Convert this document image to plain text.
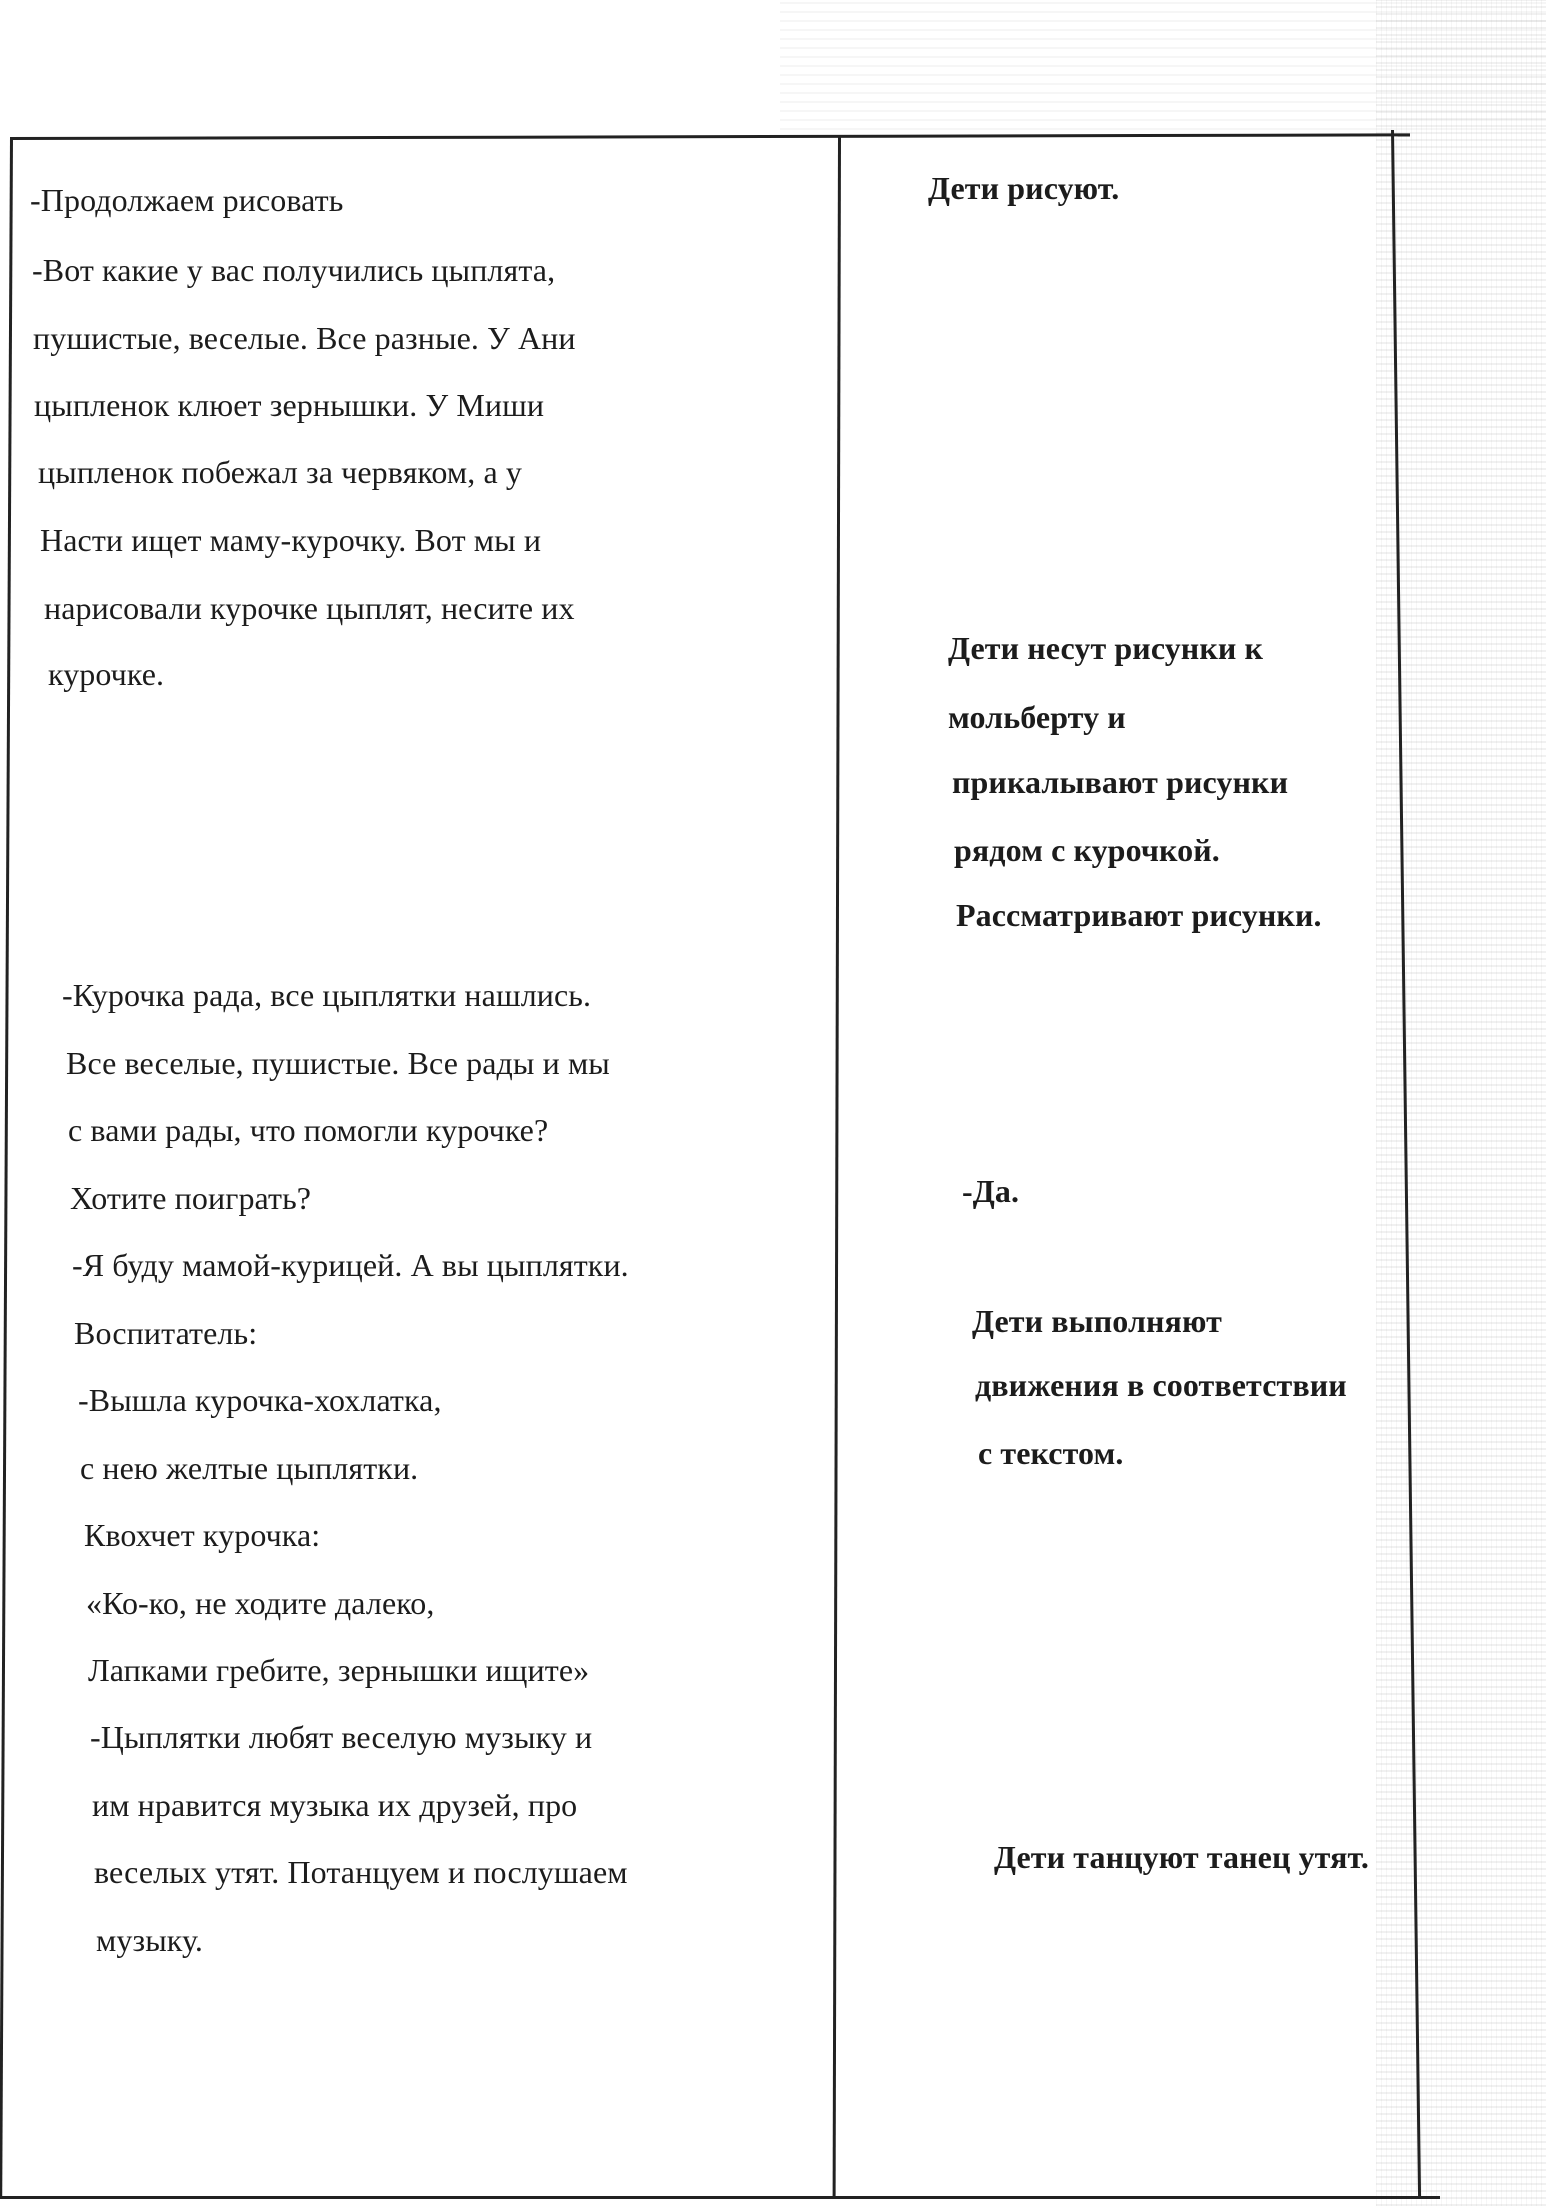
-Продолжаем рисовать
-Вот какие у вас получились цыплята,
пушистые, веселые. Все разные. У Ани
цыпленок клюет зернышки. У Миши
цыпленок побежал за червяком, а у
Насти ищет маму-курочку. Вот мы и
нарисовали курочке цыплят, несите их
курочке.
-Курочка рада, все цыплятки нашлись.
Все веселые, пушистые. Все рады и мы
с вами рады, что помогли курочке?
Хотите поиграть?
-Я буду мамой-курицей. А вы цыплятки.
Воспитатель:
-Вышла курочка-хохлатка,
с нею желтые цыплятки.
Квохчет курочка:
«Ко-ко, не ходите далеко,
Лапками гребите, зернышки ищите»
-Цыплятки любят веселую музыку и
им нравится музыка их друзей, про
веселых утят. Потанцуем и послушаем
музыку.
Дети рисуют.
Дети несут рисунки к
мольберту и
прикалывают рисунки
рядом с курочкой.
Рассматривают рисунки.
-Да.
Дети выполняют
движения в соответствии
с текстом.
Дети танцуют танец утят.
